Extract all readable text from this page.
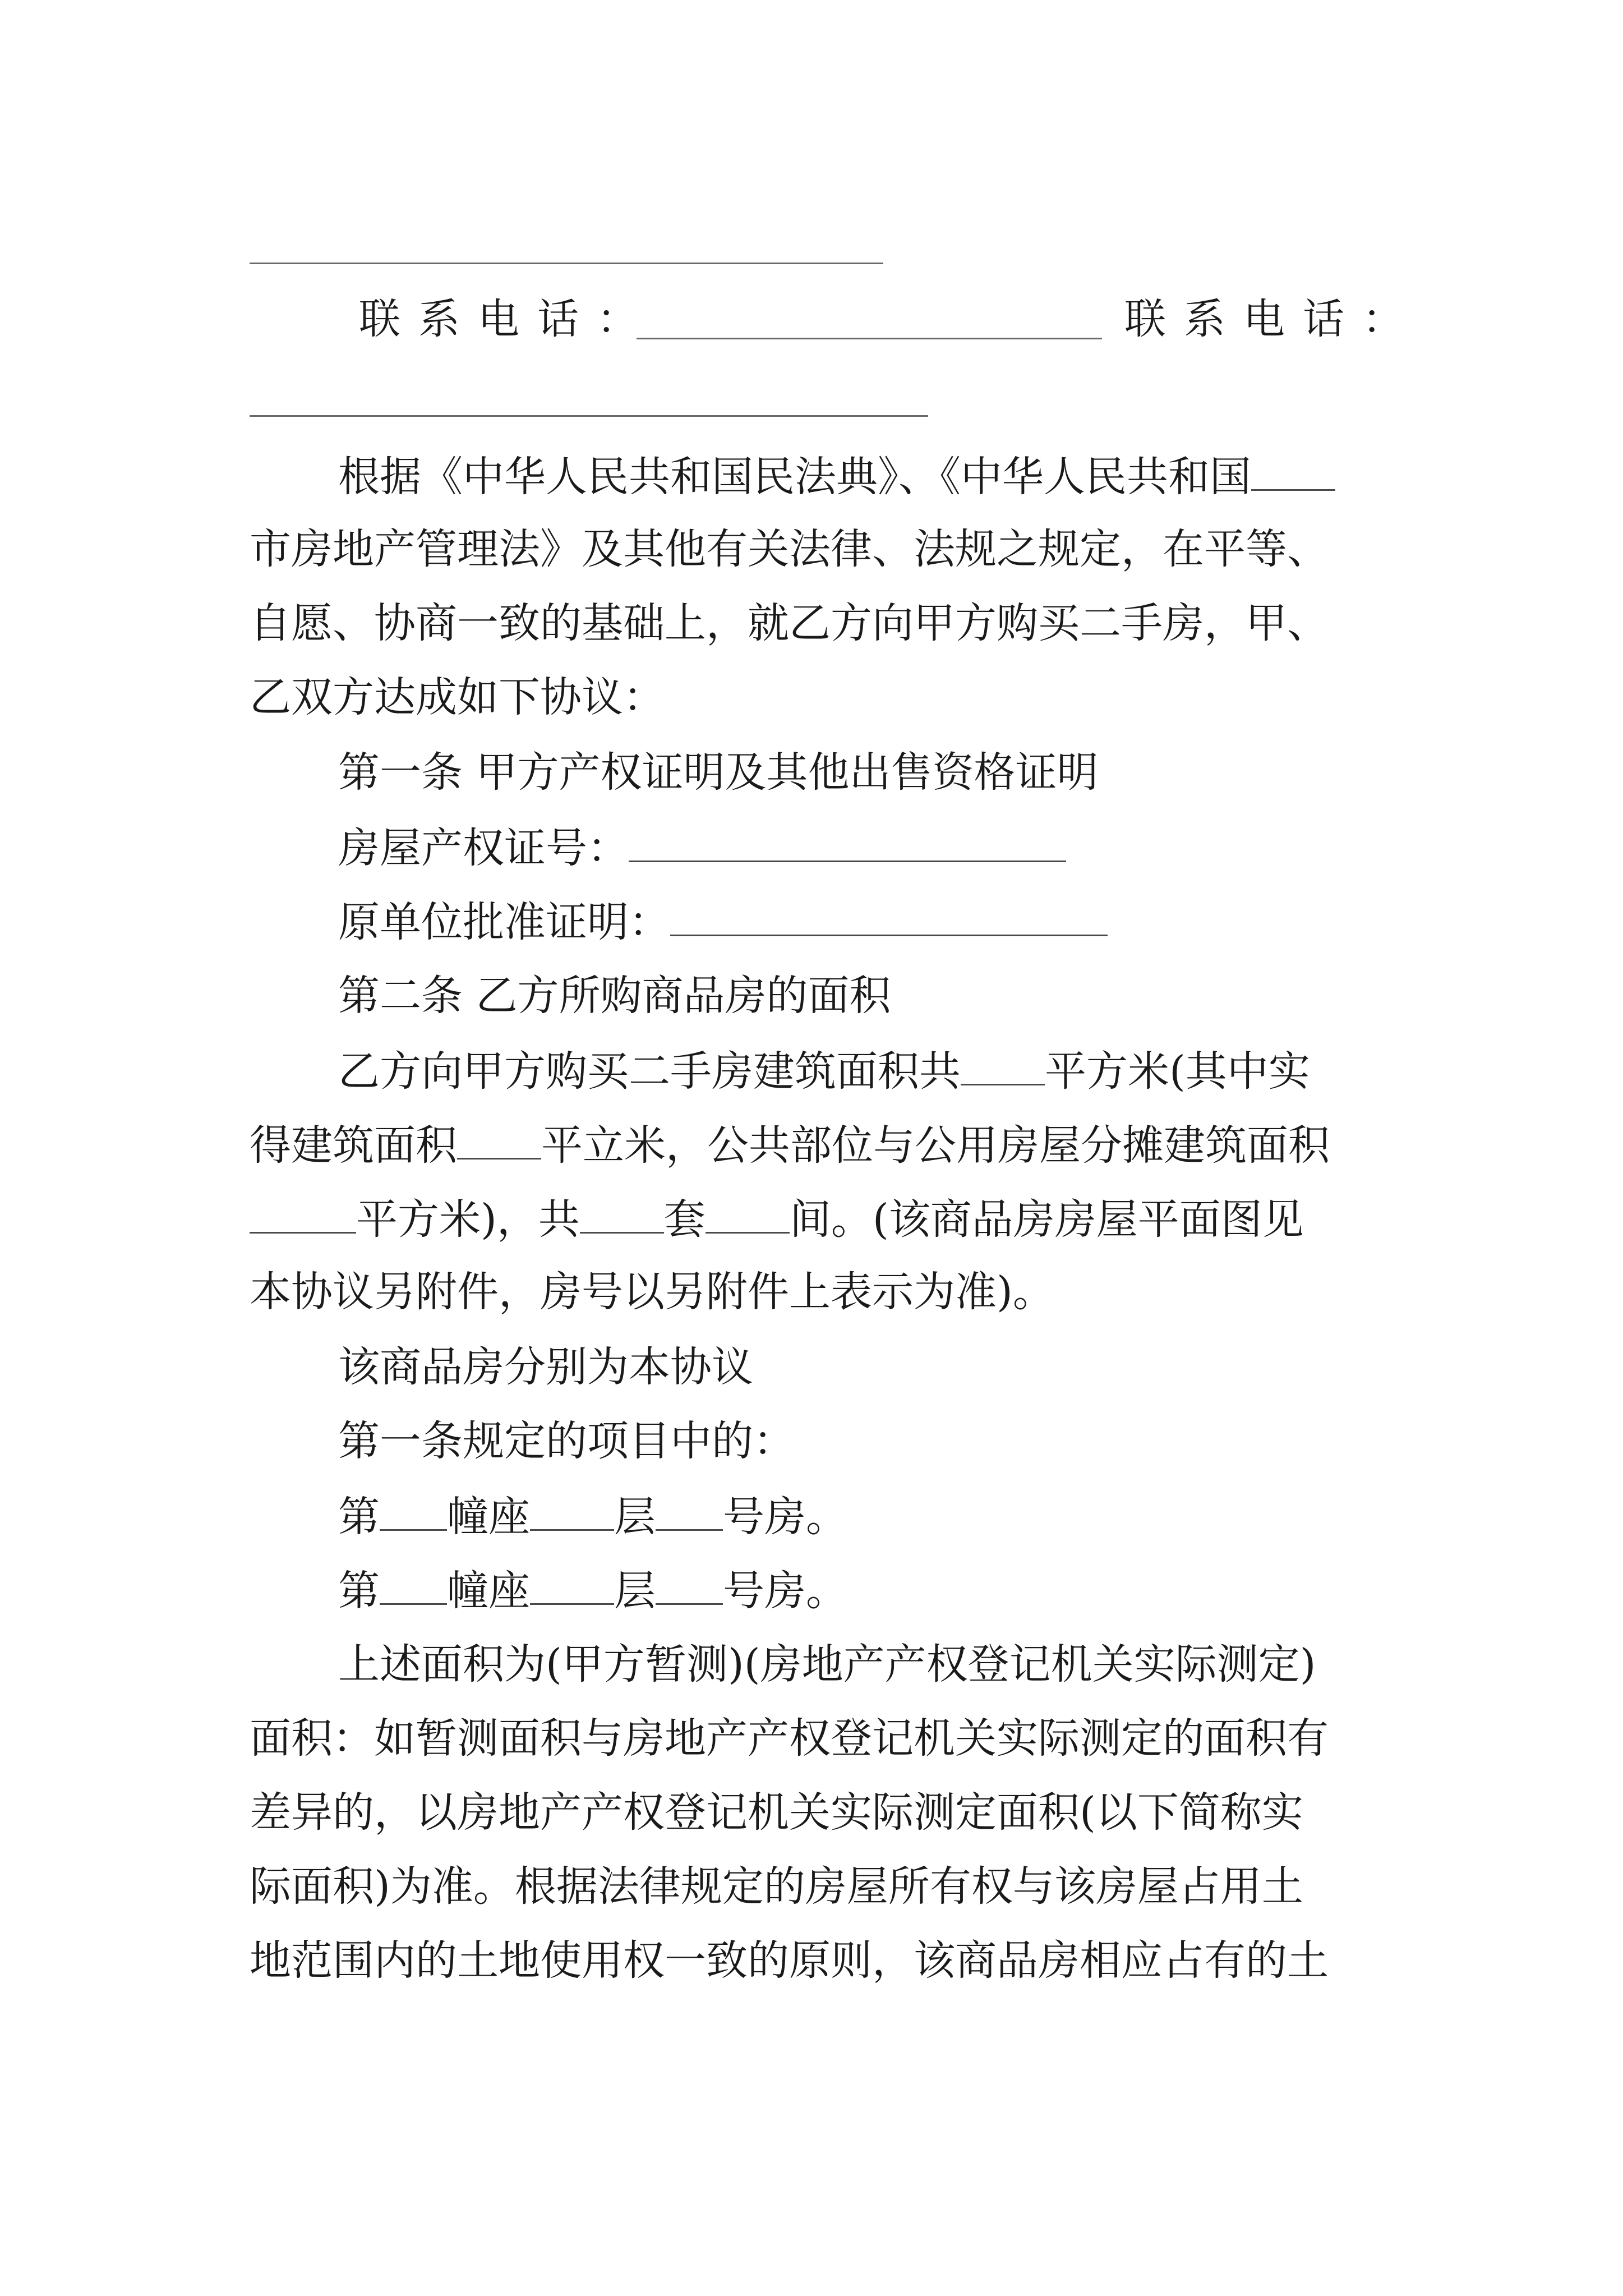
联系电话：	联系电话：
根据《中华人民共和国民法典》、《中华人民共和国
市房地产管理法》及其他有关法律、法规之规定，在平等、
自愿、协商一致的基础上，就乙方向甲方购买二手房，甲、
乙双方达成如下协议：
第一条 甲方产权证明及其他出售资格证明
房屋产权证号：
原单位批准证明：
第二条 乙方所购商品房的面积
乙方向甲方购买二手房建筑面积共 平方米(其中实
得建筑面积 平立米，公共部位与公用房屋分摊建筑面积
平方米)，共 套 间。(该商品房房屋平面图见
本协议另附件，房号以另附件上表示为准)。
该商品房分别为本协议
第一条规定的项目中的：
第 幢座 层 号房。
第 幢座 层 号房。
上述面积为(甲方暂测)(房地产产权登记机关实际测定)
面积：如暂测面积与房地产产权登记机关实际测定的面积有
差异的，以房地产产权登记机关实际测定面积(以下简称实
际面积)为准。根据法律规定的房屋所有权与该房屋占用土
地范围内的土地使用权一致的原则，该商品房相应占有的土
